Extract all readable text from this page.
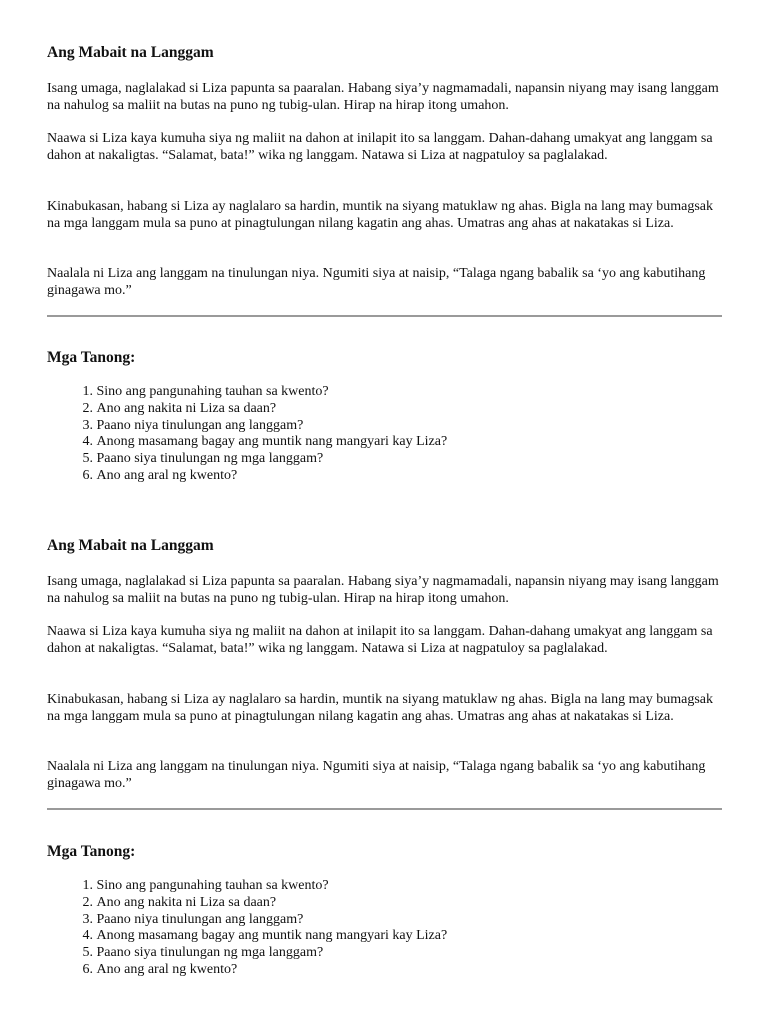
Ang Mabait na Langgam

Isang umaga, naglalakad si Liza papunta sa paaralan. Habang siya’y nagmamadali, napansin niyang may isang langgam na nahulog sa maliit na butas na puno ng tubig-ulan. Hirap na hirap itong umahon.

Naawa si Liza kaya kumuha siya ng maliit na dahon at inilapit ito sa langgam. Dahan-dahang umakyat ang langgam sa dahon at nakaligtas. “Salamat, bata!” wika ng langgam. Natawa si Liza at nagpatuloy sa paglalakad.

Kinabukasan, habang si Liza ay naglalaro sa hardin, muntik na siyang matuklaw ng ahas. Bigla na lang may bumagsak na mga langgam mula sa puno at pinagtulungan nilang kagatin ang ahas. Umatras ang ahas at nakatakas si Liza.

Naalala ni Liza ang langgam na tinulungan niya. Ngumiti siya at naisip, “Talaga ngang babalik sa ‘yo ang kabutihang ginagawa mo.”

Mga Tanong:
1.
Sino ang pangunahing tauhan sa kwento?
2.
Ano ang nakita ni Liza sa daan?
3.
Paano niya tinulungan ang langgam?
4.
Anong masamang bagay ang muntik nang mangyari kay Liza?
5.
Paano siya tinulungan ng mga langgam?
6.
Ano ang aral ng kwento?
Ang Mabait na Langgam

Isang umaga, naglalakad si Liza papunta sa paaralan. Habang siya’y nagmamadali, napansin niyang may isang langgam na nahulog sa maliit na butas na puno ng tubig-ulan. Hirap na hirap itong umahon.

Naawa si Liza kaya kumuha siya ng maliit na dahon at inilapit ito sa langgam. Dahan-dahang umakyat ang langgam sa dahon at nakaligtas. “Salamat, bata!” wika ng langgam. Natawa si Liza at nagpatuloy sa paglalakad.

Kinabukasan, habang si Liza ay naglalaro sa hardin, muntik na siyang matuklaw ng ahas. Bigla na lang may bumagsak na mga langgam mula sa puno at pinagtulungan nilang kagatin ang ahas. Umatras ang ahas at nakatakas si Liza.

Naalala ni Liza ang langgam na tinulungan niya. Ngumiti siya at naisip, “Talaga ngang babalik sa ‘yo ang kabutihang ginagawa mo.”

Mga Tanong:
1.
Sino ang pangunahing tauhan sa kwento?
2.
Ano ang nakita ni Liza sa daan?
3.
Paano niya tinulungan ang langgam?
4.
Anong masamang bagay ang muntik nang mangyari kay Liza?
5.
Paano siya tinulungan ng mga langgam?
6.
Ano ang aral ng kwento?
